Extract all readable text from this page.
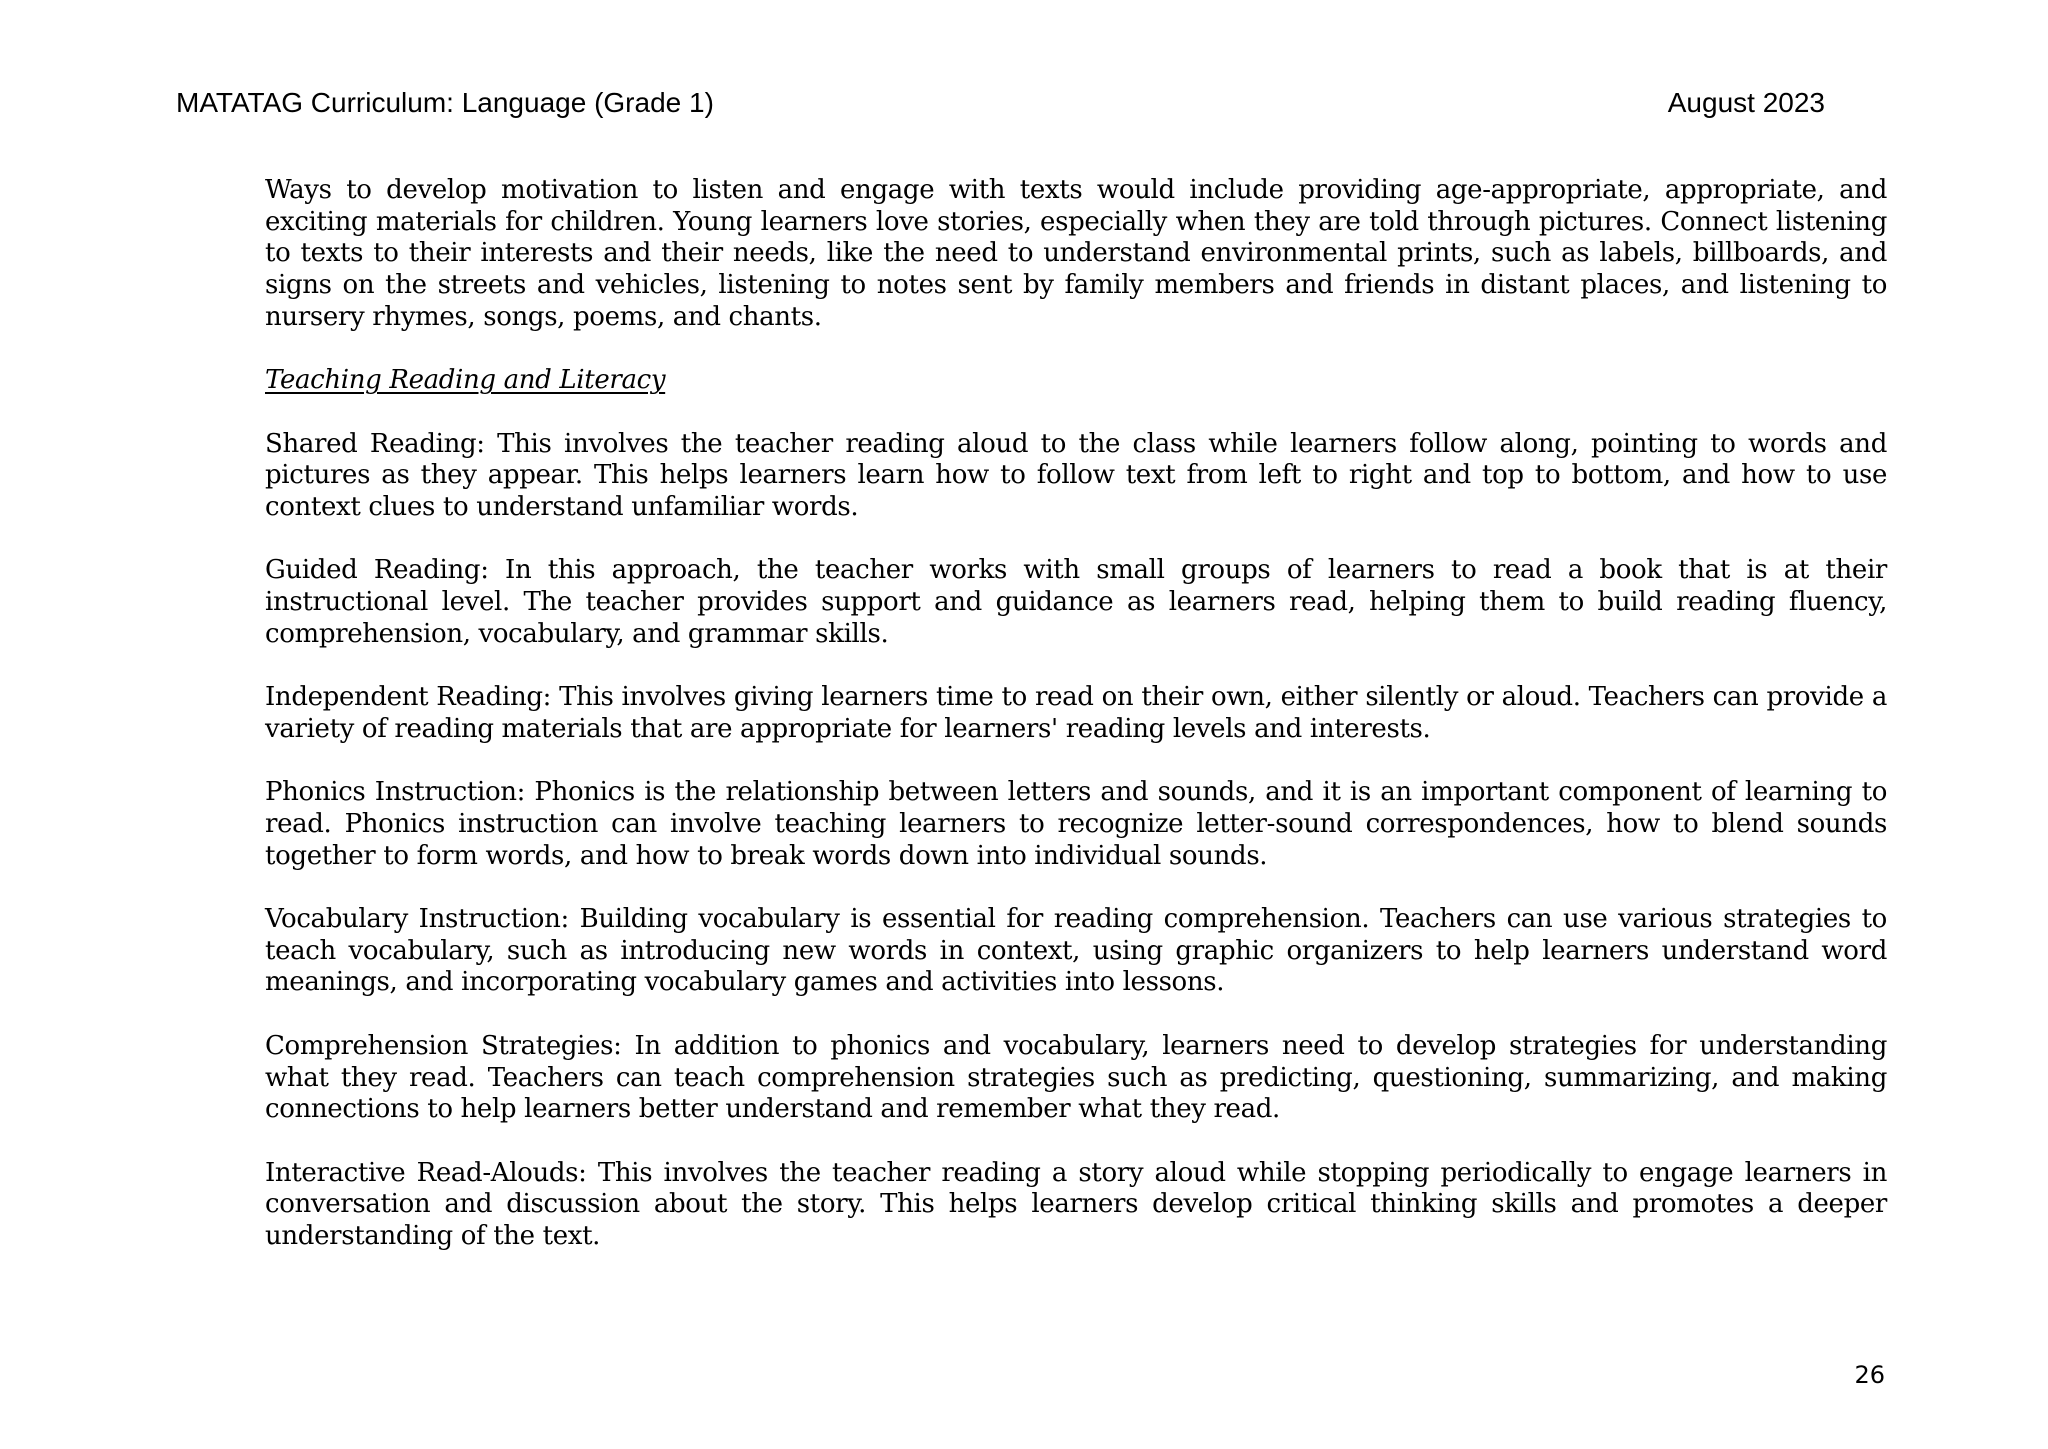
MATATAG Curriculum: Language (Grade 1)	August 2023

Ways to develop motivation to listen and engage with texts would include providing age-appropriate, appropriate, and exciting materials for children. Young learners love stories, especially when they are told through pictures. Connect listening to texts to their interests and their needs, like the need to understand environmental prints, such as labels, billboards, and signs on the streets and vehicles, listening to notes sent by family members and friends in distant places, and listening to nursery rhymes, songs, poems, and chants.

Teaching Reading and Literacy

Shared Reading: This involves the teacher reading aloud to the class while learners follow along, pointing to words and pictures as they appear. This helps learners learn how to follow text from left to right and top to bottom, and how to use context clues to understand unfamiliar words.

Guided Reading: In this approach, the teacher works with small groups of learners to read a book that is at their instructional level. The teacher provides support and guidance as learners read, helping them to build reading fluency, comprehension, vocabulary, and grammar skills.

Independent Reading: This involves giving learners time to read on their own, either silently or aloud. Teachers can provide a variety of reading materials that are appropriate for learners' reading levels and interests.

Phonics Instruction: Phonics is the relationship between letters and sounds, and it is an important component of learning to read. Phonics instruction can involve teaching learners to recognize letter-sound correspondences, how to blend sounds together to form words, and how to break words down into individual sounds.

Vocabulary Instruction: Building vocabulary is essential for reading comprehension. Teachers can use various strategies to teach vocabulary, such as introducing new words in context, using graphic organizers to help learners understand word meanings, and incorporating vocabulary games and activities into lessons.

Comprehension Strategies: In addition to phonics and vocabulary, learners need to develop strategies for understanding what they read. Teachers can teach comprehension strategies such as predicting, questioning, summarizing, and making connections to help learners better understand and remember what they read.

Interactive Read-Alouds: This involves the teacher reading a story aloud while stopping periodically to engage learners in conversation and discussion about the story. This helps learners develop critical thinking skills and promotes a deeper understanding of the text.

26
